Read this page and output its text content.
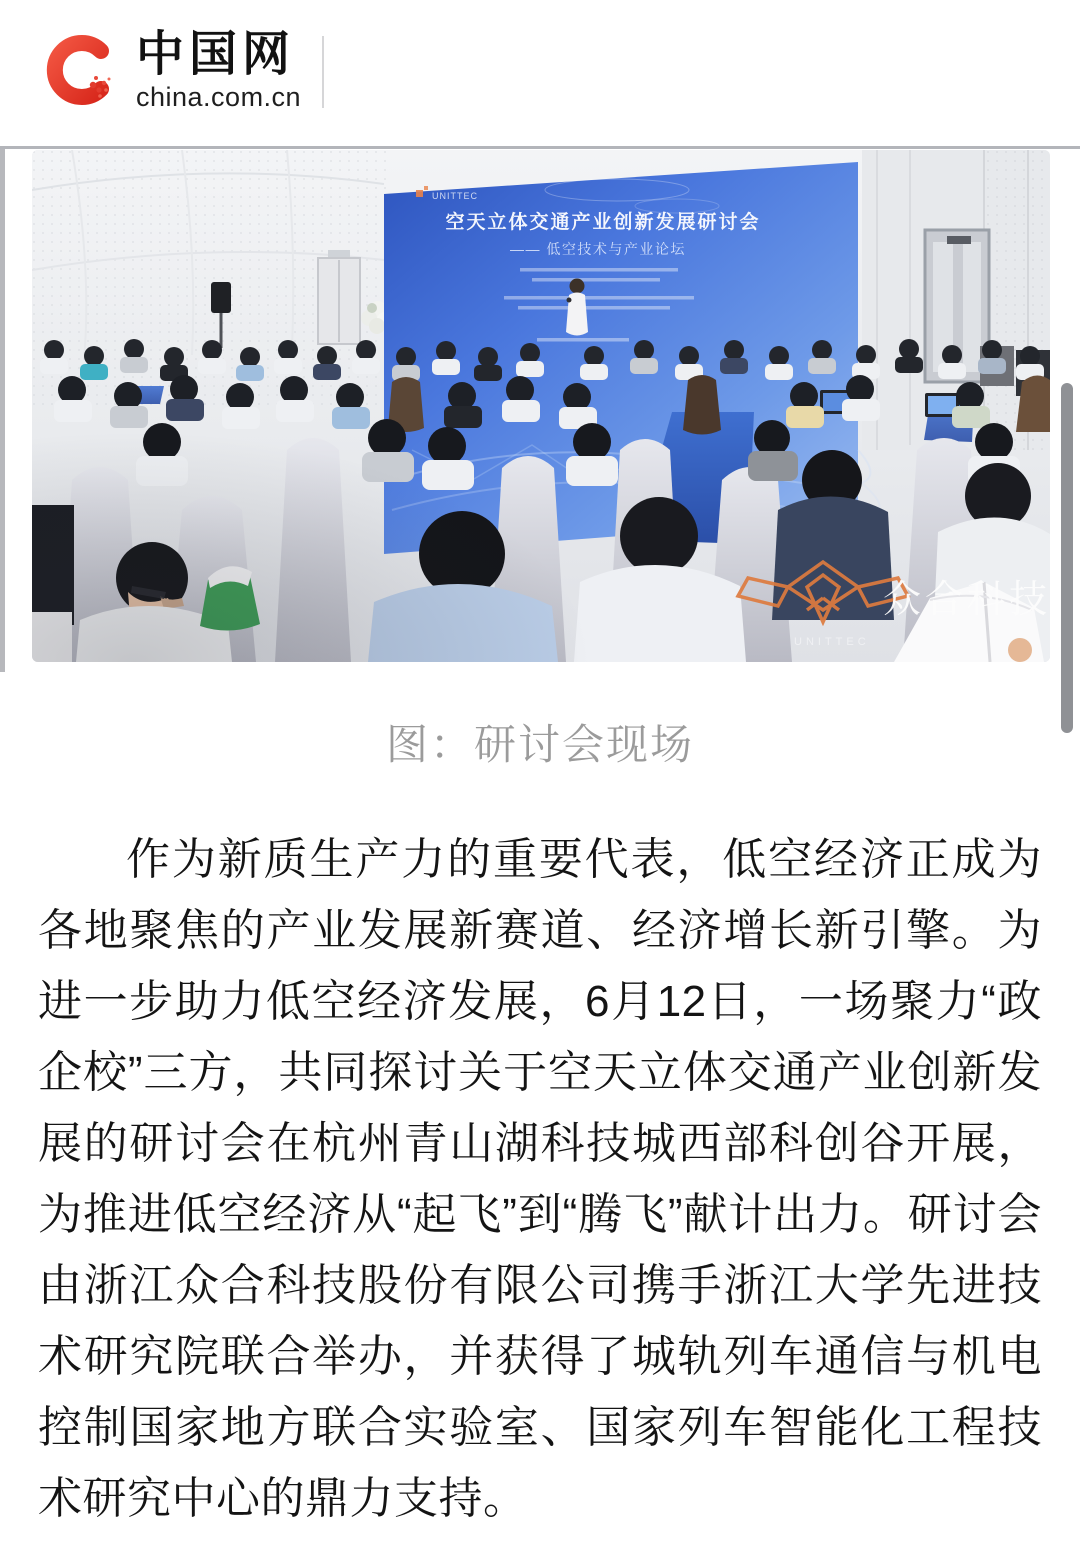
中国网
china.com.cn
图：研讨会现场

作为新质生产力的重要代表，低空经济正成为各地聚焦的产业发展新赛道、经济增长新引擎。为进一步助力低空经济发展，6月12日，一场聚力“政企校”三方，共同探讨关于空天立体交通产业创新发展的研讨会在杭州青山湖科技城西部科创谷开展，为推进低空经济从“起飞”到“腾飞”献计出力。研讨会由浙江众合科技股份有限公司携手浙江大学先进技术研究院联合举办，并获得了城轨列车通信与机电控制国家地方联合实验室、国家列车智能化工程技术研究中心的鼎力支持。
